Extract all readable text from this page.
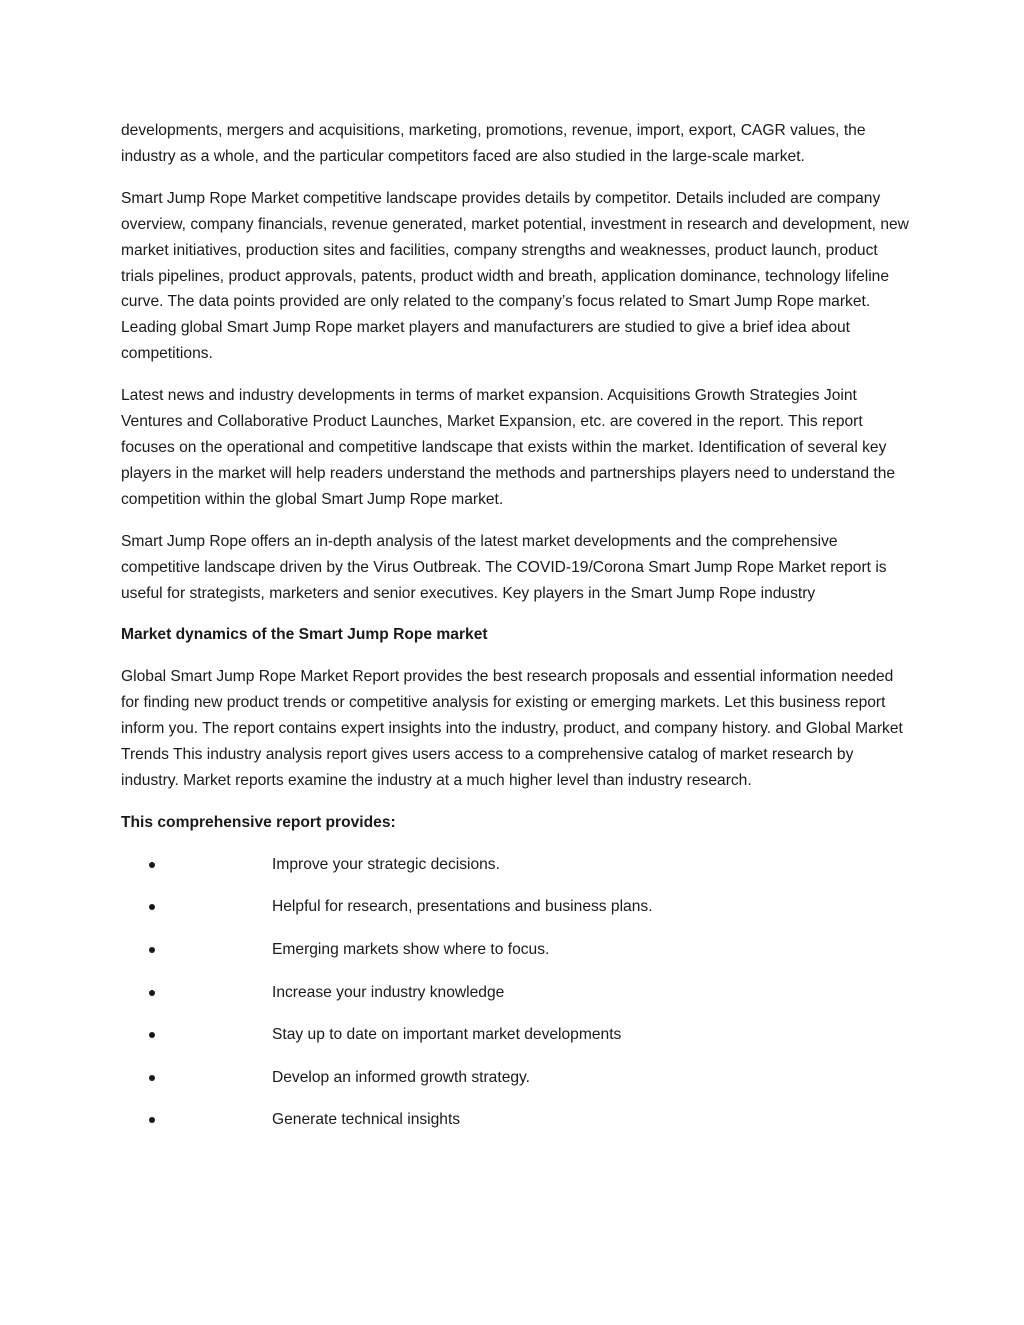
developments, mergers and acquisitions, marketing, promotions, revenue, import, export, CAGR values, the industry as a whole, and the particular competitors faced are also studied in the large-scale market.

Smart Jump Rope Market competitive landscape provides details by competitor. Details included are company overview, company financials, revenue generated, market potential, investment in research and development, new market initiatives, production sites and facilities, company strengths and weaknesses, product launch, product trials pipelines, product approvals, patents, product width and breath, application dominance, technology lifeline curve. The data points provided are only related to the company’s focus related to Smart Jump Rope market. Leading global Smart Jump Rope market players and manufacturers are studied to give a brief idea about competitions.

Latest news and industry developments in terms of market expansion. Acquisitions Growth Strategies Joint Ventures and Collaborative Product Launches, Market Expansion, etc. are covered in the report. This report focuses on the operational and competitive landscape that exists within the market. Identification of several key players in the market will help readers understand the methods and partnerships players need to understand the competition within the global Smart Jump Rope market.

Smart Jump Rope offers an in-depth analysis of the latest market developments and the comprehensive competitive landscape driven by the Virus Outbreak. The COVID-19/Corona Smart Jump Rope Market report is useful for strategists, marketers and senior executives. Key players in the Smart Jump Rope industry

Market dynamics of the Smart Jump Rope market

Global Smart Jump Rope Market Report provides the best research proposals and essential information needed for finding new product trends or competitive analysis for existing or emerging markets. Let this business report inform you. The report contains expert insights into the industry, product, and company history. and Global Market Trends This industry analysis report gives users access to a comprehensive catalog of market research by industry. Market reports examine the industry at a much higher level than industry research.

This comprehensive report provides:

Improve your strategic decisions.
Helpful for research, presentations and business plans.
Emerging markets show where to focus.
Increase your industry knowledge
Stay up to date on important market developments
Develop an informed growth strategy.
Generate technical insights
